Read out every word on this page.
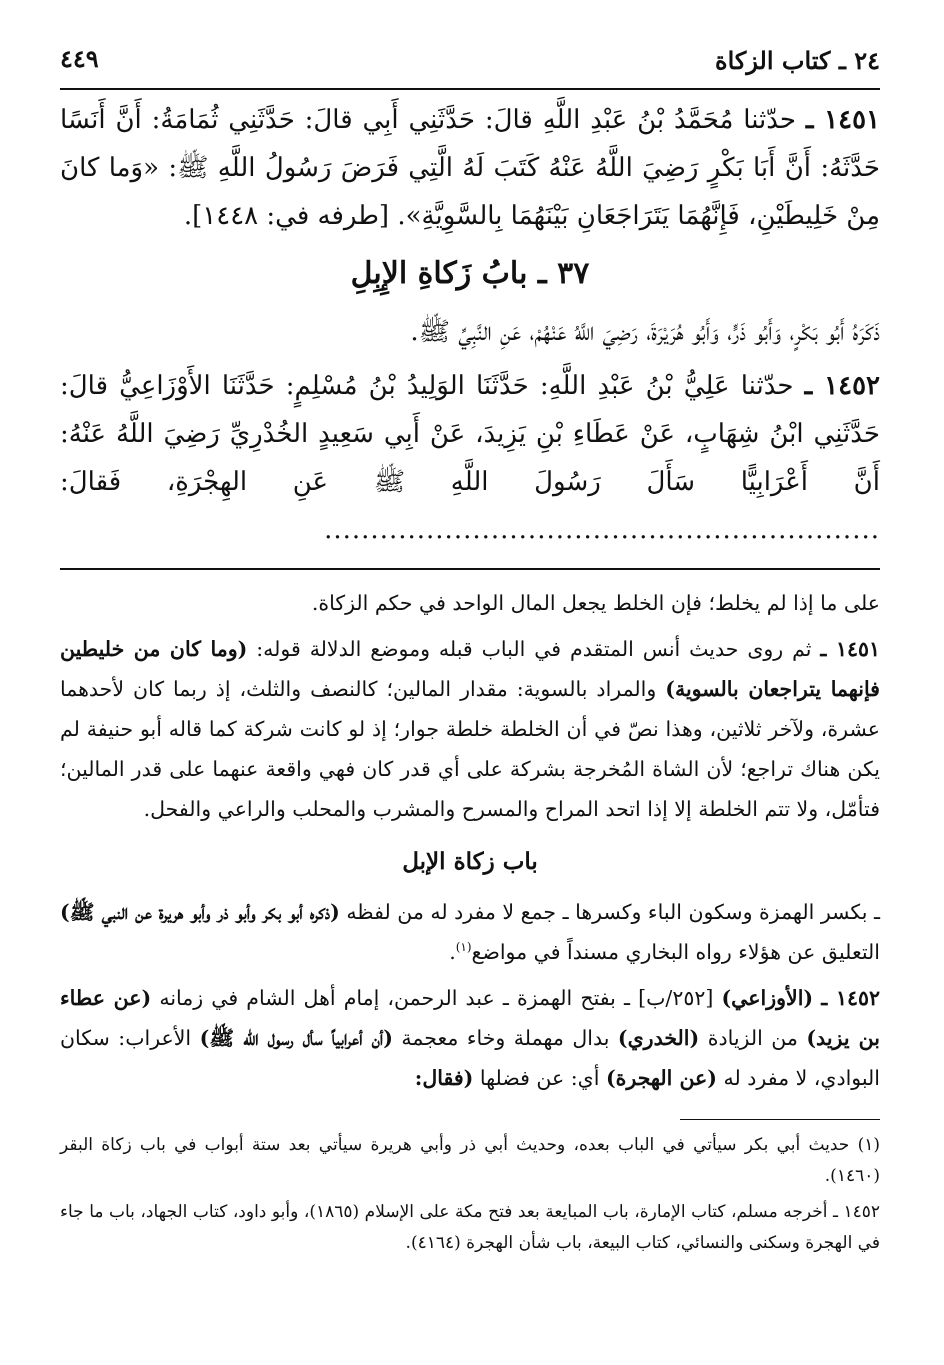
٢٤ ـ كتاب الزكاة
٤٤٩

١٤٥١ ـ حدّثنا مُحَمَّدُ بْنُ عَبْدِ اللَّهِ قالَ: حَدَّثَنِي أَبِي قالَ: حَدَّثَنِي ثُمَامَةُ: أَنَّ أَنَسًا حَدَّثَهُ: أَنَّ أَبَا بَكْرٍ رَضِيَ اللَّهُ عَنْهُ كَتَبَ لَهُ الَّتِي فَرَضَ رَسُولُ اللَّهِ ﷺ: «وَما كانَ مِنْ خَلِيطَيْنِ، فَإِنَّهُمَا يَتَرَاجَعَانِ بَيْنَهُمَا بِالسَّوِيَّةِ». [طرفه في: ١٤٤٨].

٣٧ ـ بابُ زَكاةِ الإِبِلِ

ذَكَرَهُ أَبُو بَكْرٍ، وَأَبُو ذَرٍّ، وَأَبُو هُرَيْرَةَ، رَضِيَ اللَّهُ عَنْهُمْ، عَنِ النَّبِيِّ ﷺ.

١٤٥٢ ـ حدّثنا عَلِيُّ بْنُ عَبْدِ اللَّهِ: حَدَّثَنَا الوَلِيدُ بْنُ مُسْلِمٍ: حَدَّثَنَا الأَوْزَاعِيُّ قالَ: حَدَّثَنِي ابْنُ شِهَابٍ، عَنْ عَطَاءِ بْنِ يَزِيدَ، عَنْ أَبِي سَعِيدٍ الخُدْرِيِّ رَضِيَ اللَّهُ عَنْهُ: أَنَّ أَعْرَابِيًّا سَأَلَ رَسُولَ اللَّهِ ﷺ عَنِ الهِجْرَةِ، فَقالَ: ............................................................

على ما إذا لم يخلط؛ فإن الخلط يجعل المال الواحد في حكم الزكاة.

١٤٥١ ـ ثم روى حديث أنس المتقدم في الباب قبله وموضع الدلالة قوله: (وما كان من خليطين فإنهما يتراجعان بالسوية) والمراد بالسوية: مقدار المالين؛ كالنصف والثلث، إذ ربما كان لأحدهما عشرة، ولآخر ثلاثين، وهذا نصّ في أن الخلطة خلطة جوار؛ إذ لو كانت شركة كما قاله أبو حنيفة لم يكن هناك تراجع؛ لأن الشاة المُخرجة بشركة على أي قدر كان فهي واقعة عنهما على قدر المالين؛ فتأمّل، ولا تتم الخلطة إلا إذا اتحد المراح والمسرح والمشرب والمحلب والراعي والفحل.

باب زكاة الإبل

ـ بكسر الهمزة وسكون الباء وكسرها ـ جمع لا مفرد له من لفظه (ذكره أبو بكر وأبو ذر وأبو هريرة عن النبي ﷺ) التعليق عن هؤلاء رواه البخاري مسنداً في مواضع$^{(١)}$.

١٤٥٢ ـ (الأوزاعي) [٢٥٢/ب] ـ بفتح الهمزة ـ عبد الرحمن، إمام أهل الشام في زمانه (عن عطاء بن يزيد) من الزيادة (الخدري) بدال مهملة وخاء معجمة (أن أعرابياً سأل رسول الله ﷺ) الأعراب: سكان البوادي، لا مفرد له (عن الهجرة) أي: عن فضلها (فقال:

(١) حديث أبي بكر سيأتي في الباب بعده، وحديث أبي ذر وأبي هريرة سيأتي بعد ستة أبواب في باب زكاة البقر (١٤٦٠).

١٤٥٢ ـ أخرجه مسلم، كتاب الإمارة، باب المبايعة بعد فتح مكة على الإسلام (١٨٦٥)، وأبو داود، كتاب الجهاد، باب ما جاء في الهجرة وسكنى والنسائي، كتاب البيعة، باب شأن الهجرة (٤١٦٤).
